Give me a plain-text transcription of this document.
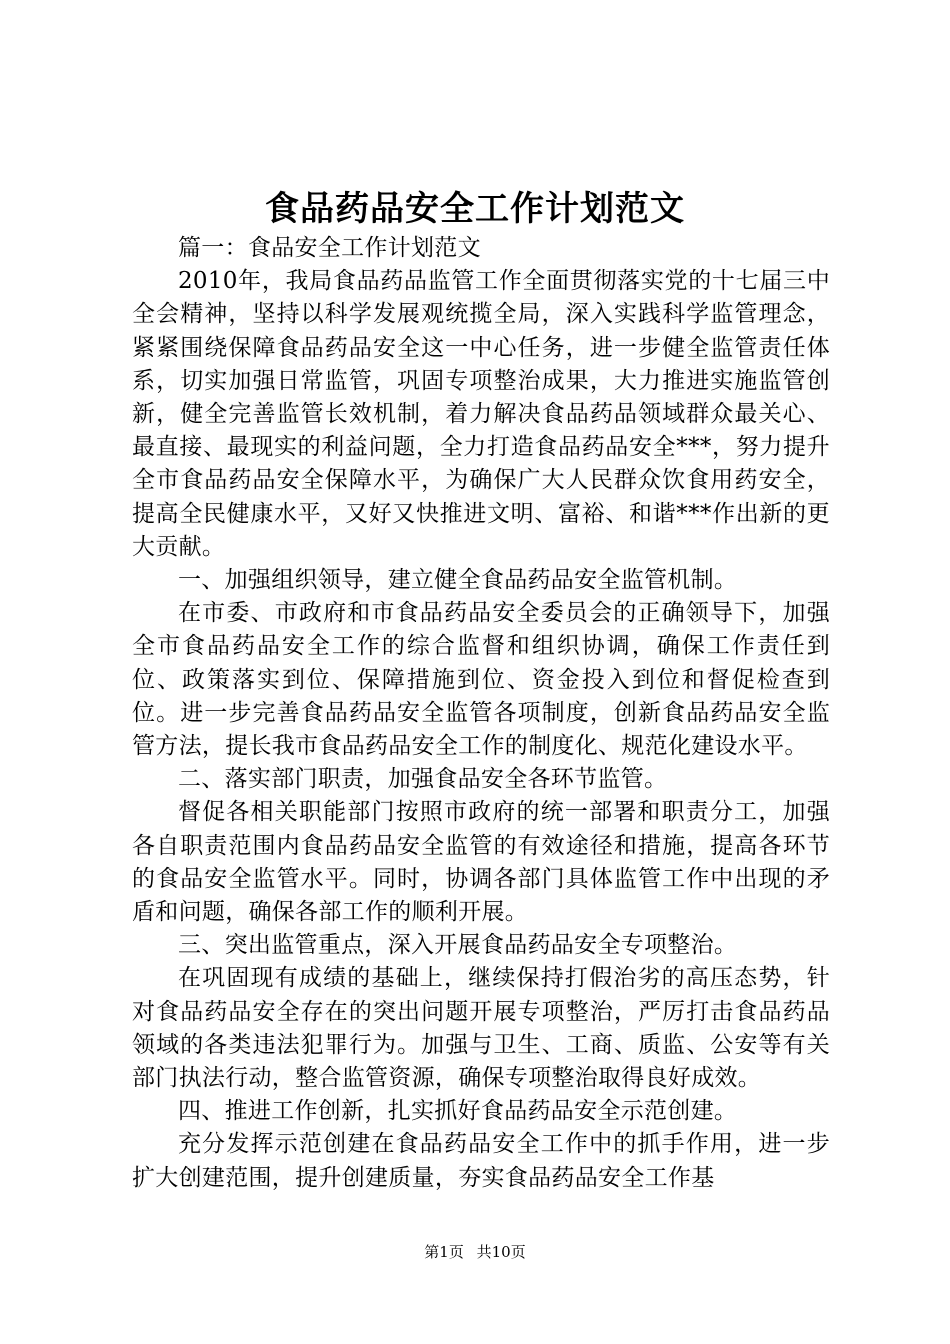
食品药品安全工作计划范文

篇一：食品安全工作计划范文

2010年，我局食品药品监管工作全面贯彻落实党的十七届三中全会精神，坚持以科学发展观统揽全局，深入实践科学监管理念，紧紧围绕保障食品药品安全这一中心任务，进一步健全监管责任体系，切实加强日常监管，巩固专项整治成果，大力推进实施监管创新，健全完善监管长效机制，着力解决食品药品领域群众最关心、最直接、最现实的利益问题，全力打造食品药品安全***，努力提升全市食品药品安全保障水平，为确保广大人民群众饮食用药安全，提高全民健康水平，又好又快推进文明、富裕、和谐***作出新的更大贡献。

一、加强组织领导，建立健全食品药品安全监管机制。

在市委、市政府和市食品药品安全委员会的正确领导下，加强全市食品药品安全工作的综合监督和组织协调，确保工作责任到位、政策落实到位、保障措施到位、资金投入到位和督促检查到位。进一步完善食品药品安全监管各项制度，创新食品药品安全监管方法，提长我市食品药品安全工作的制度化、规范化建设水平。

二、落实部门职责，加强食品安全各环节监管。

督促各相关职能部门按照市政府的统一部署和职责分工，加强各自职责范围内食品药品安全监管的有效途径和措施，提高各环节的食品安全监管水平。同时，协调各部门具体监管工作中出现的矛盾和问题，确保各部工作的顺利开展。

三、突出监管重点，深入开展食品药品安全专项整治。

在巩固现有成绩的基础上，继续保持打假治劣的高压态势，针对食品药品安全存在的突出问题开展专项整治，严厉打击食品药品领域的各类违法犯罪行为。加强与卫生、工商、质监、公安等有关部门执法行动，整合监管资源，确保专项整治取得良好成效。

四、推进工作创新，扎实抓好食品药品安全示范创建。

充分发挥示范创建在食品药品安全工作中的抓手作用，进一步扩大创建范围，提升创建质量，夯实食品药品安全工作基

第1页 共10页
